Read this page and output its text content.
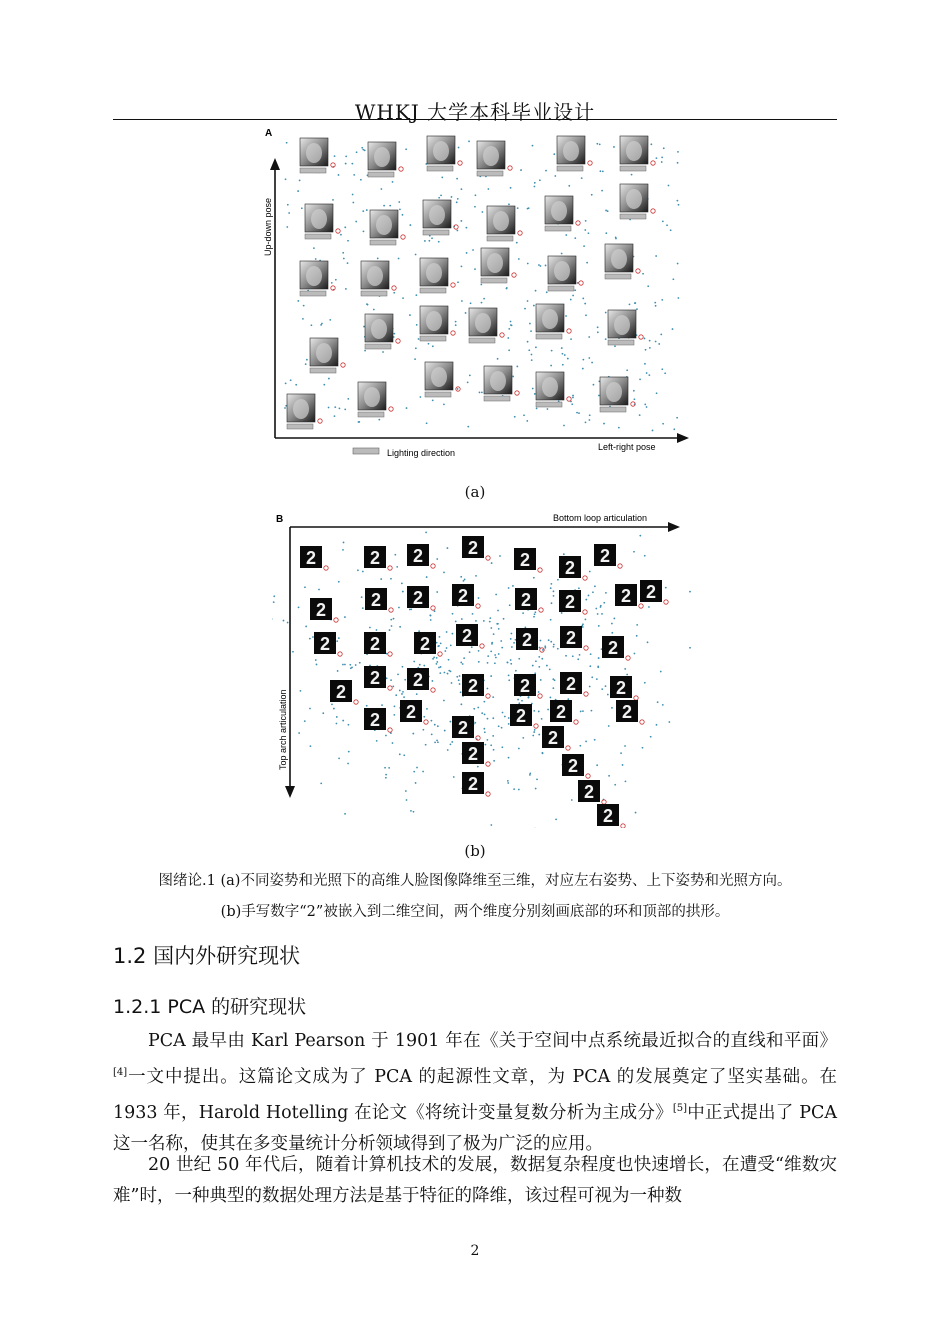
WHKJ 大学本科毕业设计
A
Up-down pose
Left-right pose
Lighting direction
(a)
B	Bottom loop articulation
Top arch articulation
2	2 2 2
2 2
2
2 2 2 2	2 2	2 2
2 2 2 2	2 2 2
2
2 2 2 2 2 2
2 2
2
2 2	2
2
2
2
2
2
2
(b)
图绪论.1 (a)不同姿势和光照下的高维人脸图像降维至三维，对应左右姿势、上下姿势和光照方向。
(b)手写数字“2”被嵌入到二维空间，两个维度分别刻画底部的环和顶部的拱形。
1.2 国内外研究现状
1.2.1 PCA 的研究现状

PCA 最早由 Karl Pearson 于 1901 年在《关于空间中点系统最近拟合的直线和平面》[4]一文中提出。这篇论文成为了 PCA 的起源性文章，为 PCA 的发展奠定了坚实基础。在 1933 年，Harold Hotelling 在论文《将统计变量复数分析为主成分》[5]中正式提出了 PCA 这一名称，使其在多变量统计分析领域得到了极为广泛的应用。

20 世纪 50 年代后，随着计算机技术的发展，数据复杂程度也快速增长，在遭受“维数灾难”时，一种典型的数据处理方法是基于特征的降维，该过程可视为一种数

2
